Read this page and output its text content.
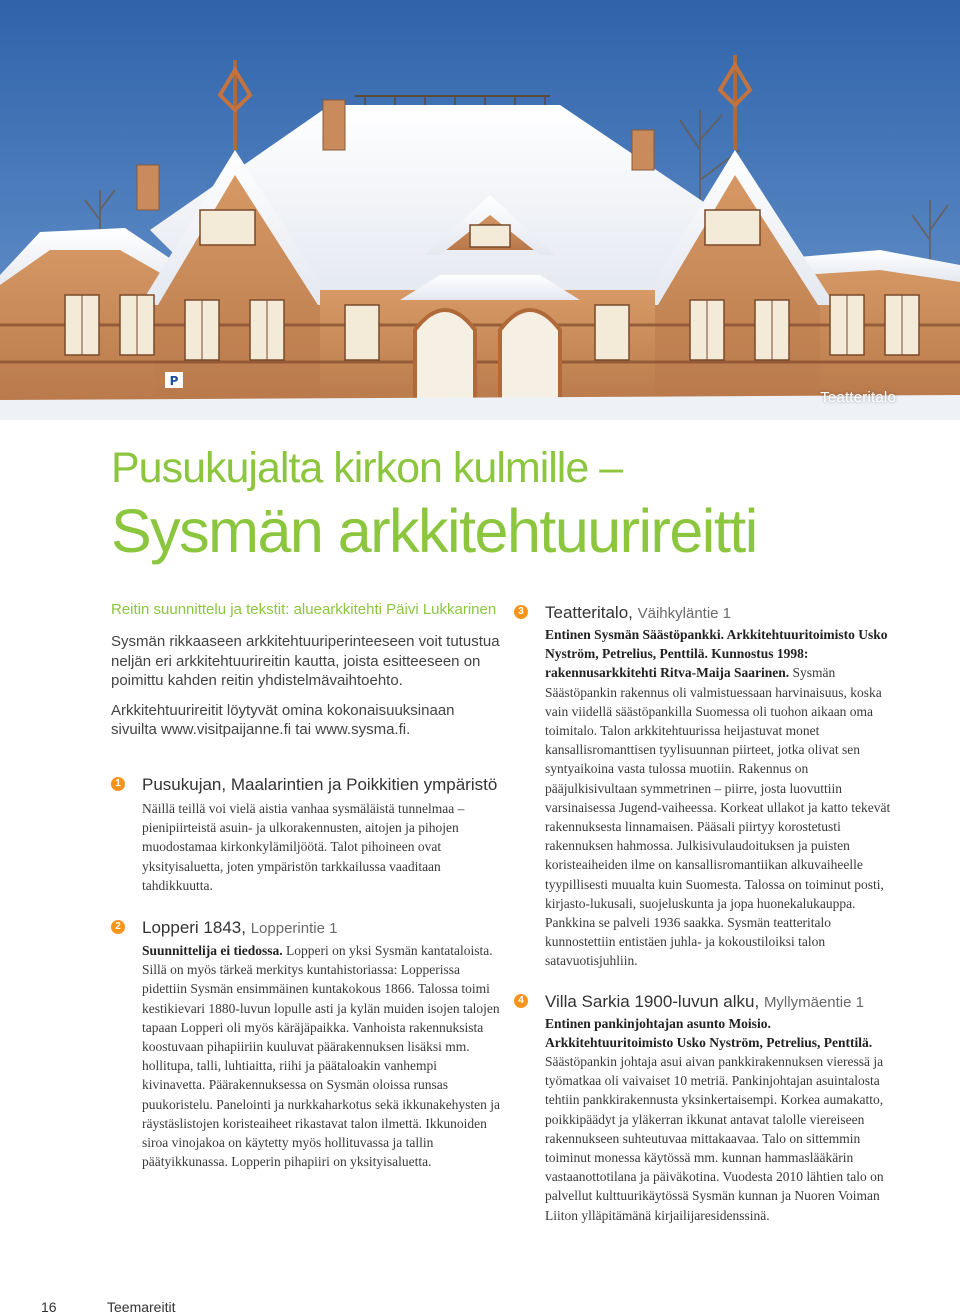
P
Teatteritalo
Pusukujalta kirkon kulmille –
Sysmän arkkitehtuurireitti
Reitin suunnittelu ja tekstit: aluearkkitehti Päivi Lukkarinen

Sysmän rikkaaseen arkkitehtuuriperinteeseen voit tutustua neljän eri arkkitehtuurireitin kautta, joista esitteeseen on poimittu kahden reitin yhdistelmävaihtoehto.

Arkkitehtuurireitit löytyvät omina kokonaisuuksinaan sivuilta www.visitpaijanne.fi tai www.sysma.fi.

1 Pusukujan, Maalarintien ja Poikkitien ympäristö
Näillä teillä voi vielä aistia vanhaa sysmäläistä tunnelmaa – pienipiirteistä asuin- ja ulkorakennusten, aitojen ja pihojen muodostamaa kirkonkylämiljöötä. Talot pihoineen ovat yksityisaluetta, joten ympäristön tarkkailussa vaaditaan tahdikkuutta.
2 Lopperi 1843, Lopperintie 1
Suunnittelija ei tiedossa. Lopperi on yksi Sysmän kantataloista. Sillä on myös tärkeä merkitys kuntahistoriassa: Lopperissa pidettiin Sysmän ensimmäinen kuntakokous 1866. Talossa toimi kestikievari 1880-luvun lopulle asti ja kylän muiden isojen talojen tapaan Lopperi oli myös käräjäpaikka. Vanhoista rakennuksista koostuvaan pihapiiriin kuuluvat päärakennuksen lisäksi mm. hollitupa, talli, luhtiaitta, riihi ja päätaloakin vanhempi kivinavetta. Päärakennuksessa on Sysmän oloissa runsas puukoristelu. Panelointi ja nurkkaharkotus sekä ikkunakehysten ja räystäslistojen koristeaiheet rikastavat talon ilmettä. Ikkunoiden siroa vinojakoa on käytetty myös hollituvassa ja tallin päätyikkunassa. Lopperin pihapiiri on yksityisaluetta.
3 Teatteritalo, Väihkyläntie 1
Entinen Sysmän Säästöpankki. Arkkitehtuuritoimisto Usko Nyström, Petrelius, Penttilä. Kunnostus 1998: rakennusarkkitehti Ritva-Maija Saarinen. Sysmän Säästöpankin rakennus oli valmistuessaan harvinaisuus, koska vain viidellä säästöpankilla Suomessa oli tuohon aikaan oma toimitalo. Talon arkkitehtuurissa heijastuvat monet kansallisromanttisen tyylisuunnan piirteet, jotka olivat sen syntyaikoina vasta tulossa muotiin. Rakennus on pääjulkisivultaan symmetrinen – piirre, josta luovuttiin varsinaisessa Jugend-vaiheessa. Korkeat ullakot ja katto tekevät rakennuksesta linnamaisen. Pääsali piirtyy korostetusti rakennuksen hahmossa. Julkisivulaudoituksen ja puisten koristeaiheiden ilme on kansallisromantiikan alkuvaiheelle tyypillisesti muualta kuin Suomesta. Talossa on toiminut posti, kirjasto-lukusali, suojeluskunta ja jopa huonekalukauppa. Pankkina se palveli 1936 saakka. Sysmän teatteritalo kunnostettiin entistäen juhla- ja kokoustiloiksi talon satavuotisjuhliin.
4 Villa Sarkia 1900-luvun alku, Myllymäentie 1
Entinen pankinjohtajan asunto Moisio. Arkkitehtuuritoimisto Usko Nyström, Petrelius, Penttilä. Säästöpankin johtaja asui aivan pankkirakennuksen vieressä ja työmatkaa oli vaivaiset 10 metriä. Pankinjohtajan asuintalosta tehtiin pankkirakennusta yksinkertaisempi. Korkea aumakatto, poikkipäädyt ja yläkerran ikkunat antavat talolle viereiseen rakennukseen suhteutuvaa mittakaavaa. Talo on sittemmin toiminut monessa käytössä mm. kunnan hammaslääkärin vastaanottotilana ja päiväkotina. Vuodesta 2010 lähtien talo on palvellut kulttuurikäytössä Sysmän kunnan ja Nuoren Voiman Liiton ylläpitämänä kirjailijaresidenssinä.
16	Teemareitit
